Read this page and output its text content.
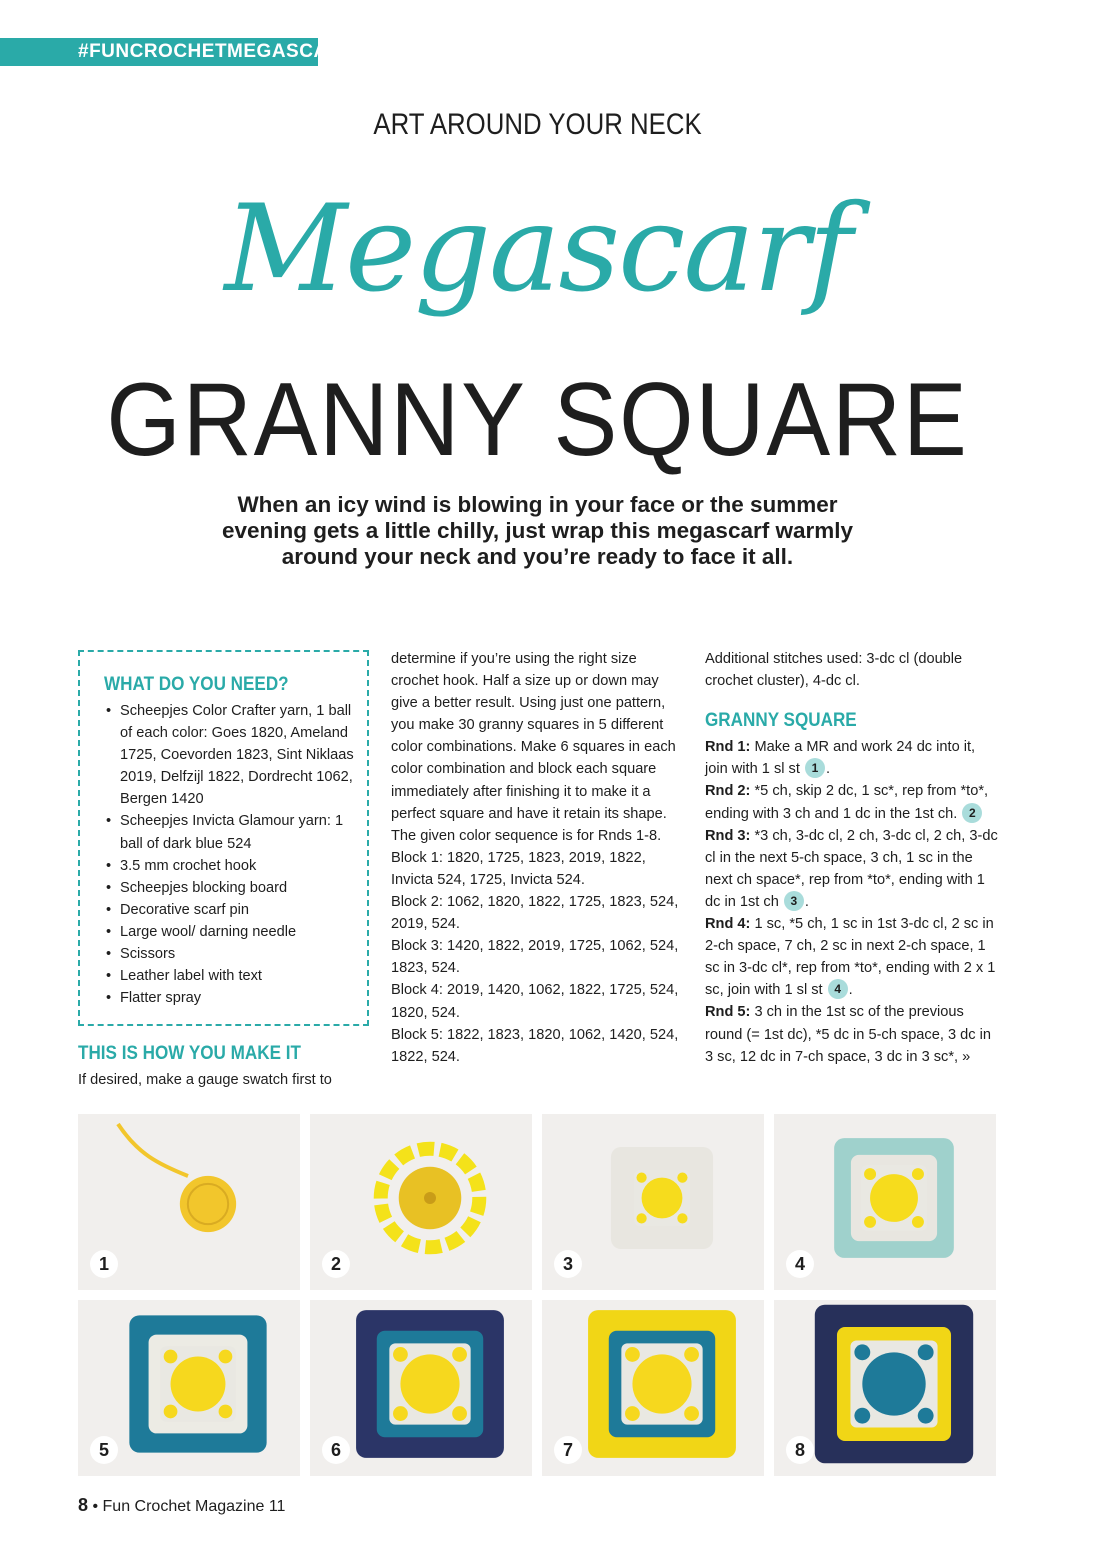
#FUNCROCHETMEGASCARF
ART AROUND YOUR NECK
Megascarf
GRANNY SQUARE
When an icy wind is blowing in your face or the summer evening gets a little chilly, just wrap this megascarf warmly around your neck and you’re ready to face it all.
WHAT DO YOU NEED?
• Scheepjes Color Crafter yarn, 1 ball of each color: Goes 1820, Ameland 1725, Coevorden 1823, Sint Niklaas 2019, Delfzijl 1822, Dordrecht 1062, Bergen 1420
• Scheepjes Invicta Glamour yarn: 1 ball of dark blue 524
• 3.5 mm crochet hook
• Scheepjes blocking board
• Decorative scarf pin
• Large wool/ darning needle
• Scissors
• Leather label with text
• Flatter spray
THIS IS HOW YOU MAKE IT

If desired, make a gauge swatch first to

determine if you’re using the right size crochet hook. Half a size up or down may give a better result. Using just one pattern, you make 30 granny squares in 5 different color combinations. Make 6 squares in each color combination and block each square immediately after finishing it to make it a perfect square and have it retain its shape. The given color sequence is for Rnds 1-8.

Block 1: 1820, 1725, 1823, 2019, 1822, Invicta 524, 1725, Invicta 524.

Block 2: 1062, 1820, 1822, 1725, 1823, 524, 2019, 524.

Block 3: 1420, 1822, 2019, 1725, 1062, 524, 1823, 524.

Block 4: 2019, 1420, 1062, 1822, 1725, 524, 1820, 524.

Block 5: 1822, 1823, 1820, 1062, 1420, 524, 1822, 524.

Additional stitches used: 3-dc cl (double crochet cluster), 4-dc cl.

GRANNY SQUARE

Rnd 1: Make a MR and work 24 dc into it, join with 1 sl st 1 .

Rnd 2: *5 ch, skip 2 dc, 1 sc*, rep from *to*, ending with 3 ch and 1 dc in the 1st ch. 2

Rnd 3: *3 ch, 3-dc cl, 2 ch, 3-dc cl, 2 ch, 3-dc cl in the next 5-ch space, 3 ch, 1 sc in the next ch space*, rep from *to*, ending with 1 dc in 1st ch 3 .

Rnd 4: 1 sc, *5 ch, 1 sc in 1st 3-dc cl, 2 sc in 2-ch space, 7 ch, 2 sc in next 2-ch space, 1 sc in 3-dc cl*, rep from *to*, ending with 2 x 1 sc, join with 1 sl st 4 .

Rnd 5: 3 ch in the 1st sc of the previous round (= 1st dc), *5 dc in 5-ch space, 3 dc in 3 sc, 12 dc in 7-ch space, 3 dc in 3 sc*, »

1	2	3	4
5	6	7	8
8 • Fun Crochet Magazine 11
